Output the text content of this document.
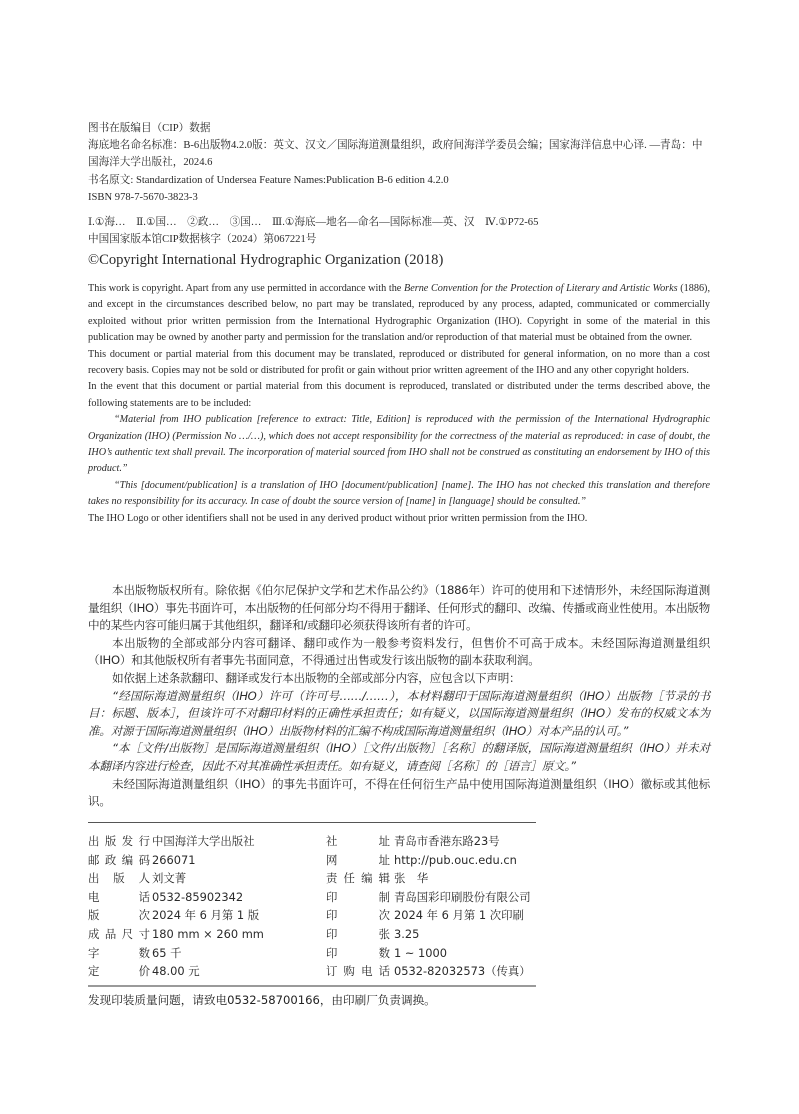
图书在版编目（CIP）数据
海底地名命名标准：B-6出版物4.2.0版：英文、汉文／国际海道测量组织，政府间海洋学委员会编；国家海洋信息中心译. —青岛：中国海洋大学出版社，2024.6
书名原文: Standardization of Undersea Feature Names:Publication B-6 edition 4.2.0
ISBN 978-7-5670-3823-3
Ⅰ.①海…　Ⅱ.①国…　②政…　③国…　Ⅲ.①海底—地名—命名—国际标准—英、汉　Ⅳ.①P72-65
中国国家版本馆CIP数据核字（2024）第067221号
©Copyright International Hydrographic Organization (2018)

This work is copyright. Apart from any use permitted in accordance with the Berne Convention for the Protection of Literary and Artistic Works (1886), and except in the circumstances described below, no part may be translated, reproduced by any process, adapted, communicated or commercially exploited without prior written permission from the International Hydrographic Organization (IHO). Copyright in some of the material in this publication may be owned by another party and permission for the translation and/or reproduction of that material must be obtained from the owner.

This document or partial material from this document may be translated, reproduced or distributed for general information, on no more than a cost recovery basis. Copies may not be sold or distributed for profit or gain without prior written agreement of the IHO and any other copyright holders.

In the event that this document or partial material from this document is reproduced, translated or distributed under the terms described above, the following statements are to be included:

“Material from IHO publication [reference to extract: Title, Edition] is reproduced with the permission of the International Hydrographic Organization (IHO) (Permission No …/…), which does not accept responsibility for the correctness of the material as reproduced: in case of doubt, the IHO’s authentic text shall prevail. The incorporation of material sourced from IHO shall not be construed as constituting an endorsement by IHO of this product.”

“This [document/publication] is a translation of IHO [document/publication] [name]. The IHO has not checked this translation and therefore takes no responsibility for its accuracy. In case of doubt the source version of [name] in [language] should be consulted.”

The IHO Logo or other identifiers shall not be used in any derived product without prior written permission from the IHO.

本出版物版权所有。除依据《伯尔尼保护文学和艺术作品公约》（1886年）许可的使用和下述情形外，未经国际海道测量组织（IHO）事先书面许可，本出版物的任何部分均不得用于翻译、任何形式的翻印、改编、传播或商业性使用。本出版物中的某些内容可能归属于其他组织，翻译和/或翻印必须获得该所有者的许可。

本出版物的全部或部分内容可翻译、翻印或作为一般参考资料发行，但售价不可高于成本。未经国际海道测量组织（IHO）和其他版权所有者事先书面同意，不得通过出售或发行该出版物的副本获取利润。

如依据上述条款翻印、翻译或发行本出版物的全部或部分内容，应包含以下声明：

“经国际海道测量组织（IHO）许可（许可号……/……），本材料翻印于国际海道测量组织（IHO）出版物［节录的书目：标题、版本］，但该许可不对翻印材料的正确性承担责任；如有疑义，以国际海道测量组织（IHO）发布的权威文本为准。对源于国际海道测量组织（IHO）出版物材料的汇编不构成国际海道测量组织（IHO）对本产品的认可。”

“本［文件/出版物］是国际海道测量组织（IHO）［文件/出版物］［名称］的翻译版，国际海道测量组织（IHO）并未对本翻译内容进行检查，因此不对其准确性承担责任。如有疑义，请查阅［名称］的［语言］原文。”

未经国际海道测量组织（IHO）的事先书面许可，不得在任何衍生产品中使用国际海道测量组织（IHO）徽标或其他标识。

出 版 发 行 中国海洋大学出版社	社	址 青岛市香港东路23号
邮 政 编 码 266071	网	址 http://pub.ouc.edu.cn
出 版 人 刘文菁	责 任 编 辑 张　华
电	话 0532-85902342	印	制 青岛国彩印刷股份有限公司
版	次 2024 年 6 月第 1 版	印	次 2024 年 6 月第 1 次印刷
成 品 尺 寸 180 mm × 260 mm	印	张 3.25
字	数 65 千	印	数 1 ~ 1000
定	价 48.00 元	订 购 电 话 0532-82032573（传真）
发现印装质量问题，请致电0532-58700166，由印刷厂负责调换。
